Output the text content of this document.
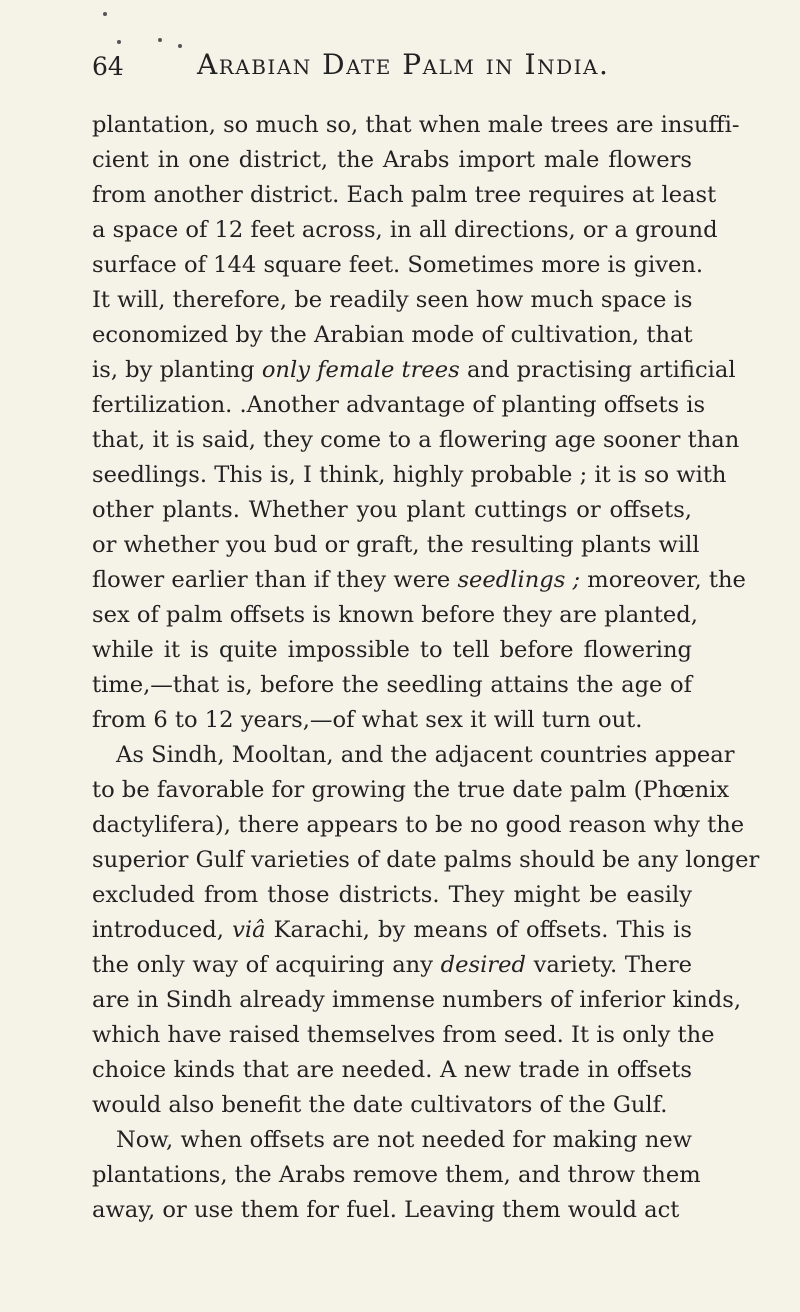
64	Arabian Date Palm in India.
plantation, so much so, that when male trees are insuffi-
cient in one district, the Arabs import male flowers
from another district. Each palm tree requires at least
a space of 12 feet across, in all directions, or a ground
surface of 144 square feet. Sometimes more is given.
It will, therefore, be readily seen how much space is
economized by the Arabian mode of cultivation, that
is, by planting only female trees and practising artificial
fertilization. .Another advantage of planting offsets is
that, it is said, they come to a flowering age sooner than
seedlings. This is, I think, highly probable ; it is so with
other plants. Whether you plant cuttings or offsets,
or whether you bud or graft, the resulting plants will
flower earlier than if they were seedlings ; moreover, the
sex of palm offsets is known before they are planted,
while it is quite impossible to tell before flowering
time,—that is, before the seedling attains the age of
from 6 to 12 years,—of what sex it will turn out.
As Sindh, Mooltan, and the adjacent countries appear
to be favorable for growing the true date palm (Phœnix
dactylifera), there appears to be no good reason why the
superior Gulf varieties of date palms should be any longer
excluded from those districts. They might be easily
introduced, viâ Karachi, by means of offsets. This is
the only way of acquiring any desired variety. There
are in Sindh already immense numbers of inferior kinds,
which have raised themselves from seed. It is only the
choice kinds that are needed. A new trade in offsets
would also benefit the date cultivators of the Gulf.
Now, when offsets are not needed for making new
plantations, the Arabs remove them, and throw them
away, or use them for fuel. Leaving them would act
